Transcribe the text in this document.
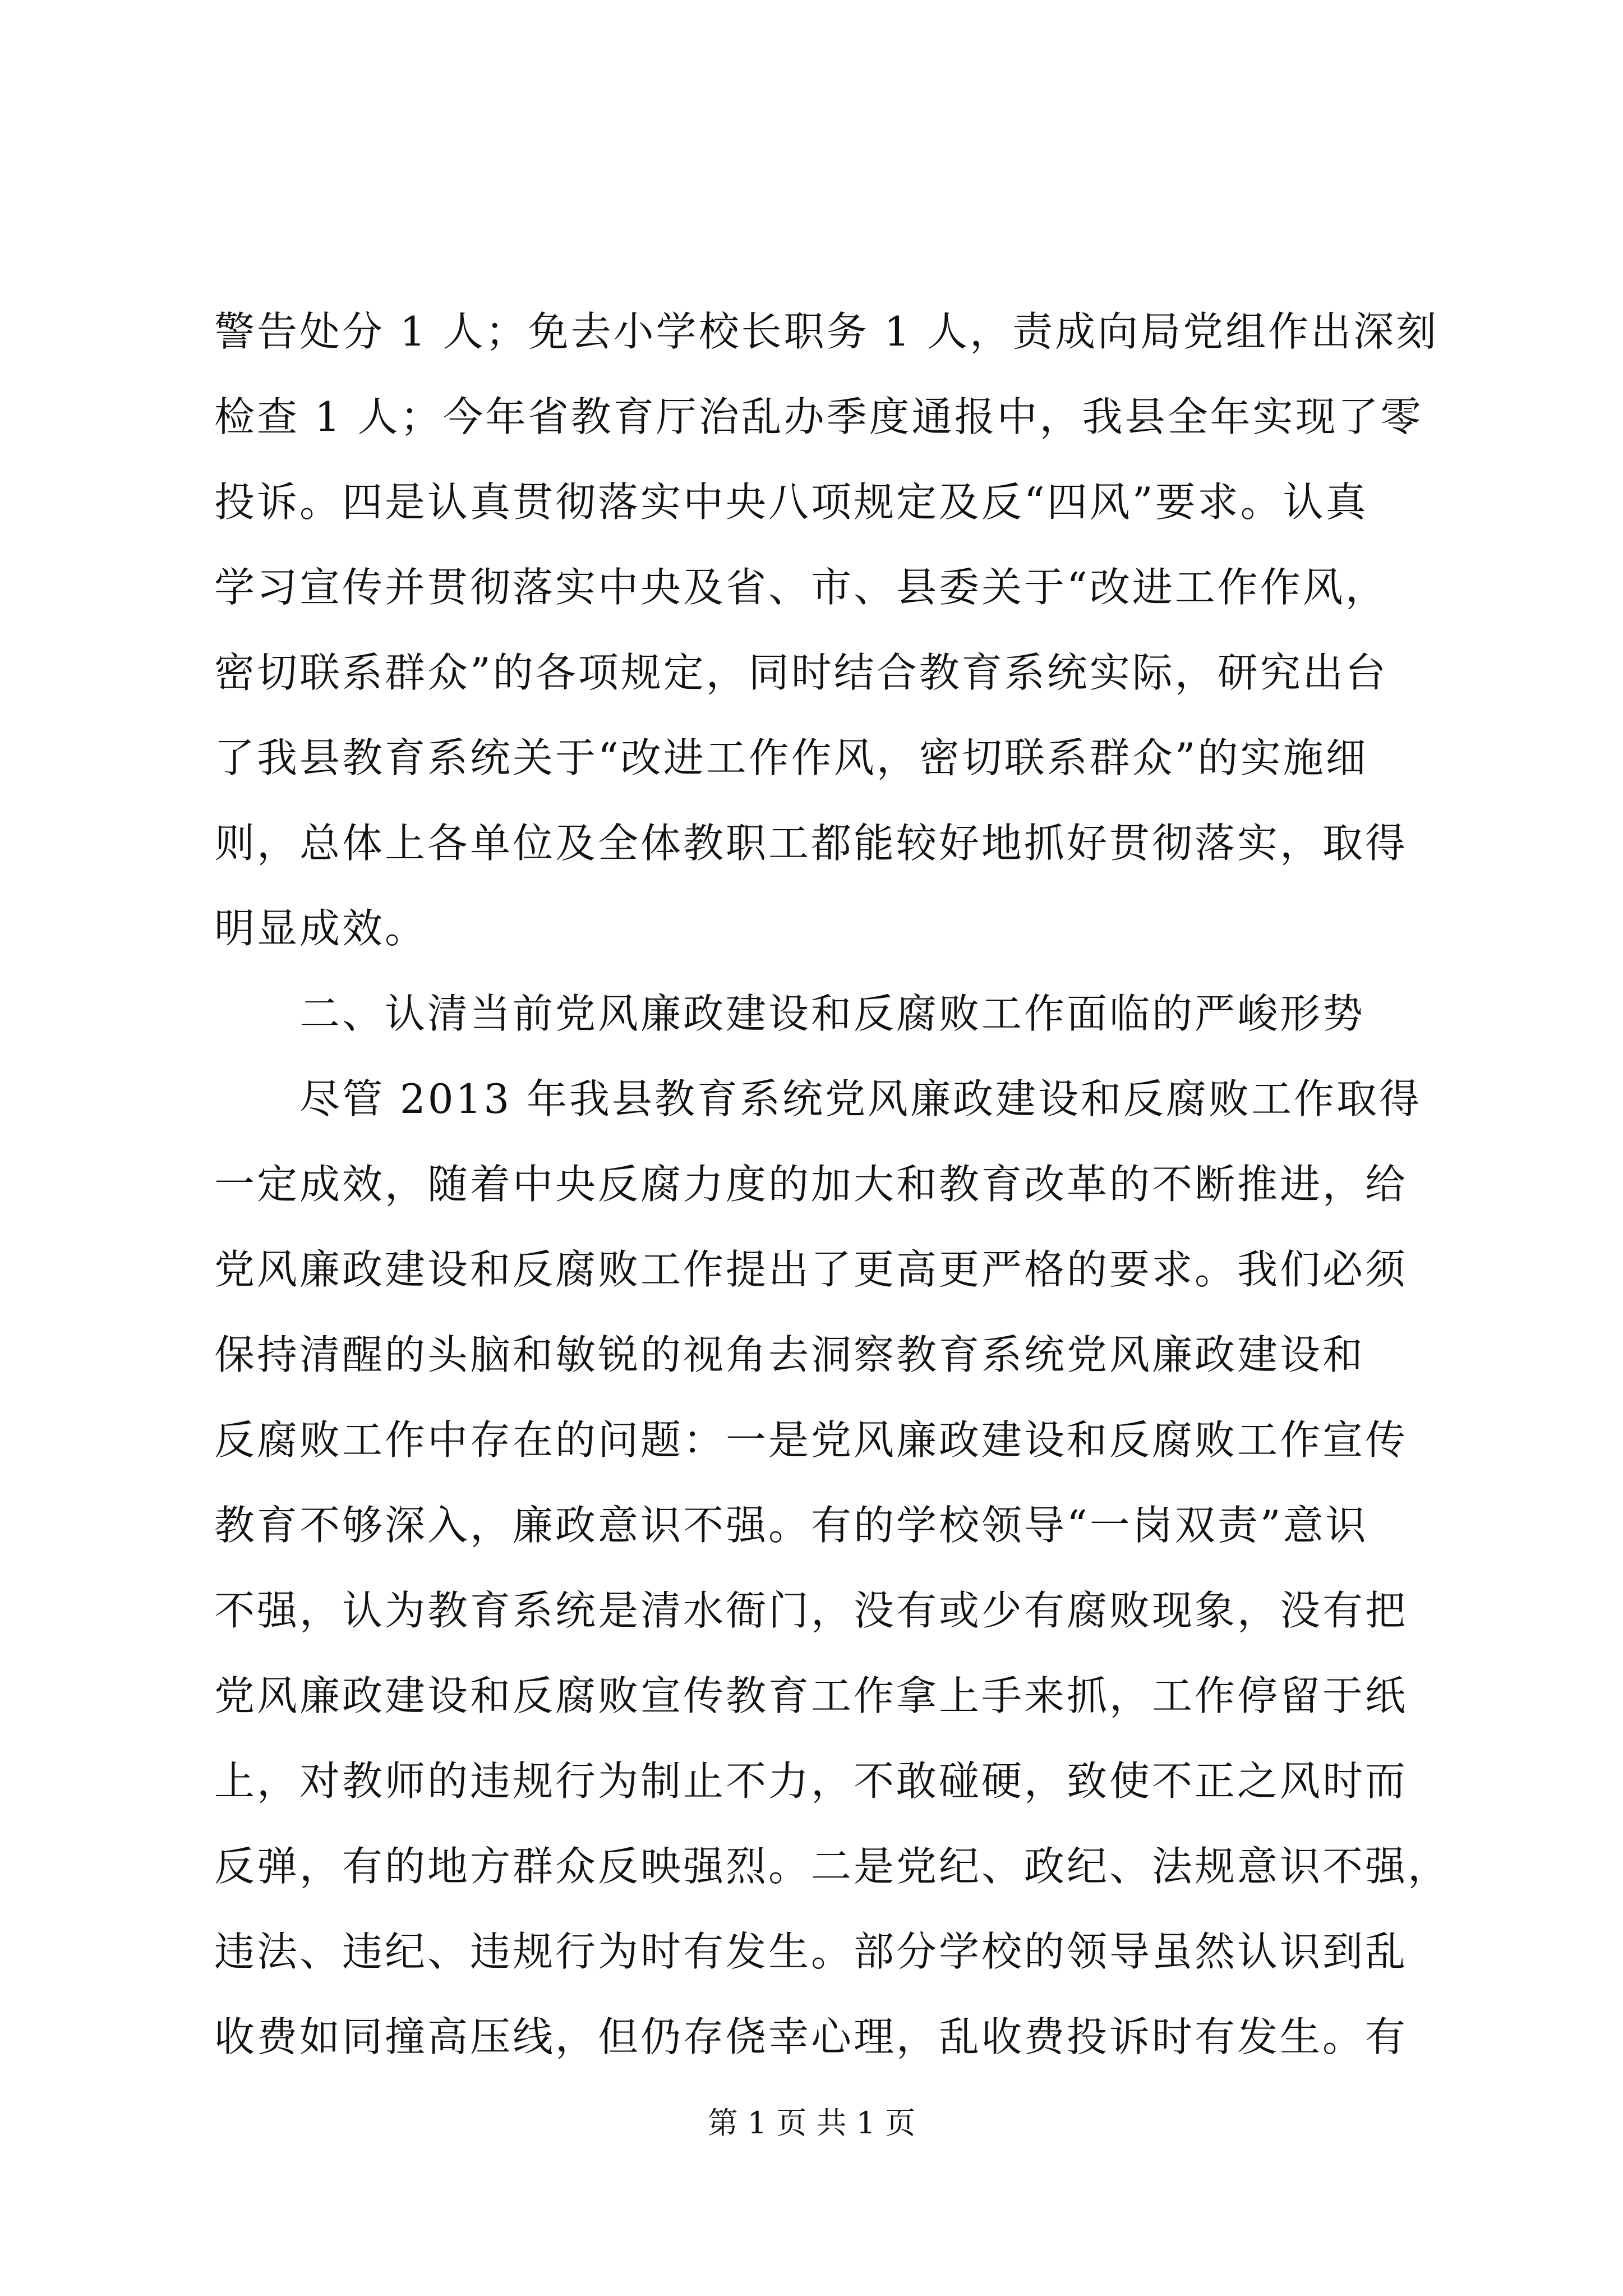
警告处分 1 人；免去小学校长职务 1 人，责成向局党组作出深刻
检查 1 人；今年省教育厅治乱办季度通报中，我县全年实现了零
投诉。四是认真贯彻落实中央八项规定及反“四风”要求。认真
学习宣传并贯彻落实中央及省、市、县委关于“改进工作作风，
密切联系群众”的各项规定，同时结合教育系统实际，研究出台
了我县教育系统关于“改进工作作风，密切联系群众”的实施细
则，总体上各单位及全体教职工都能较好地抓好贯彻落实，取得
明显成效。
二、认清当前党风廉政建设和反腐败工作面临的严峻形势
尽管 2013 年我县教育系统党风廉政建设和反腐败工作取得
一定成效，随着中央反腐力度的加大和教育改革的不断推进，给
党风廉政建设和反腐败工作提出了更高更严格的要求。我们必须
保持清醒的头脑和敏锐的视角去洞察教育系统党风廉政建设和
反腐败工作中存在的问题：一是党风廉政建设和反腐败工作宣传
教育不够深入，廉政意识不强。有的学校领导“一岗双责”意识
不强，认为教育系统是清水衙门，没有或少有腐败现象，没有把
党风廉政建设和反腐败宣传教育工作拿上手来抓，工作停留于纸
上，对教师的违规行为制止不力，不敢碰硬，致使不正之风时而
反弹，有的地方群众反映强烈。二是党纪、政纪、法规意识不强，
违法、违纪、违规行为时有发生。部分学校的领导虽然认识到乱
收费如同撞高压线，但仍存侥幸心理，乱收费投诉时有发生。有
第 1 页 共 1 页
